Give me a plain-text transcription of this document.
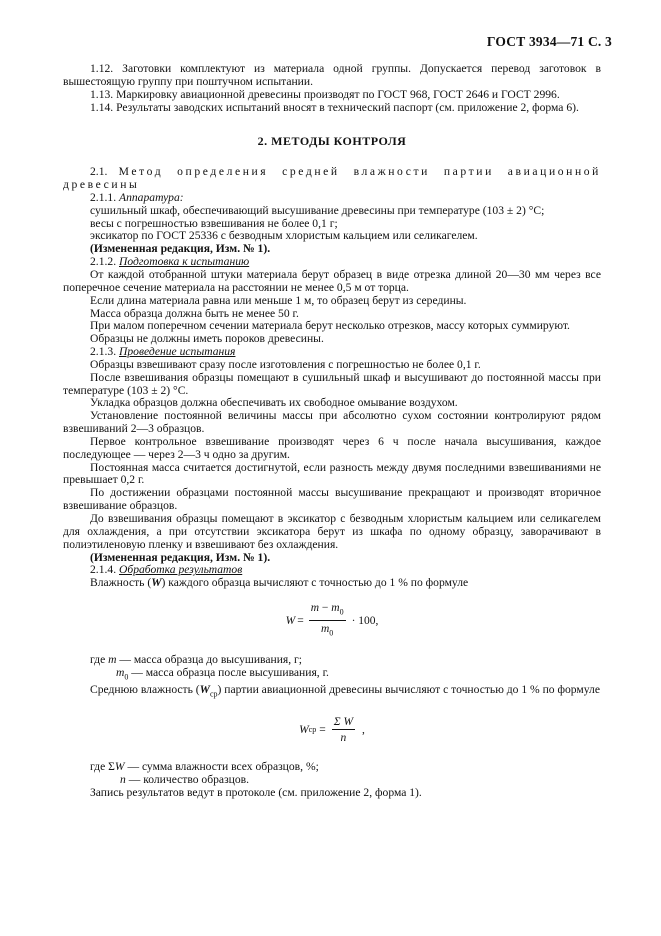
ГОСТ 3934—71 С. 3

1.12. Заготовки комплектуют из материала одной группы. Допускается перевод заготовок в вышестоящую группу при поштучном испытании.

1.13. Маркировку авиационной древесины производят по ГОСТ 968, ГОСТ 2646 и ГОСТ 2996.

1.14. Результаты заводских испытаний вносят в технический паспорт (см. приложение 2, форма 6).

2. МЕТОДЫ КОНТРОЛЯ

2.1. Метод определения средней влажности партии авиационной древесины

2.1.1. Аппаратура:

сушильный шкаф, обеспечивающий высушивание древесины при температуре (103 ± 2) °С;

весы с погрешностью взвешивания не более 0,1 г;

эксикатор по ГОСТ 25336 с безводным хлористым кальцием или селикагелем.

(Измененная редакция, Изм. № 1).

2.1.2. Подготовка к испытанию

От каждой отобранной штуки материала берут образец в виде отрезка длиной 20—30 мм через все поперечное сечение материала на расстоянии не менее 0,5 м от торца.

Если длина материала равна или меньше 1 м, то образец берут из середины.

Масса образца должна быть не менее 50 г.

При малом поперечном сечении материала берут несколько отрезков, массу которых суммируют.

Образцы не должны иметь пороков древесины.

2.1.3. Проведение испытания

Образцы взвешивают сразу после изготовления с погрешностью не более 0,1 г.

После взвешивания образцы помещают в сушильный шкаф и высушивают до постоянной массы при температуре (103 ± 2) °С.

Укладка образцов должна обеспечивать их свободное омывание воздухом.

Установление постоянной величины массы при абсолютно сухом состоянии контролируют рядом взвешиваний 2—3 образцов.

Первое контрольное взвешивание производят через 6 ч после начала высушивания, каждое последующее — через 2—3 ч одно за другим.

Постоянная масса считается достигнутой, если разность между двумя последними взвешиваниями не превышает 0,2 г.

По достижении образцами постоянной массы высушивание прекращают и производят вторичное взвешивание образцов.

До взвешивания образцы помещают в эксикатор с безводным хлористым кальцием или селикагелем для охлаждения, а при отсутствии эксикатора берут из шкафа по одному образцу, заворачивают в полиэтиленовую пленку и взвешивают без охлаждения.

(Измененная редакция, Изм. № 1).

2.1.4. Обработка результатов

Влажность (W) каждого образца вычисляют с точностью до 1 % по формуле

$W = \frac{m - m_0}{m_0} \cdot 100$,

где m — масса образца до высушивания, г;

$m_0$ — масса образца после высушивания, г.

Среднюю влажность $(W_{ср})$ партии авиационной древесины вычисляют с точностью до 1 % по формуле

W ср = $\frac{\text{Σ W}}{n}$ ,

где ΣW — сумма влажности всех образцов, %;

n — количество образцов.

Запись результатов ведут в протоколе (см. приложение 2, форма 1).
